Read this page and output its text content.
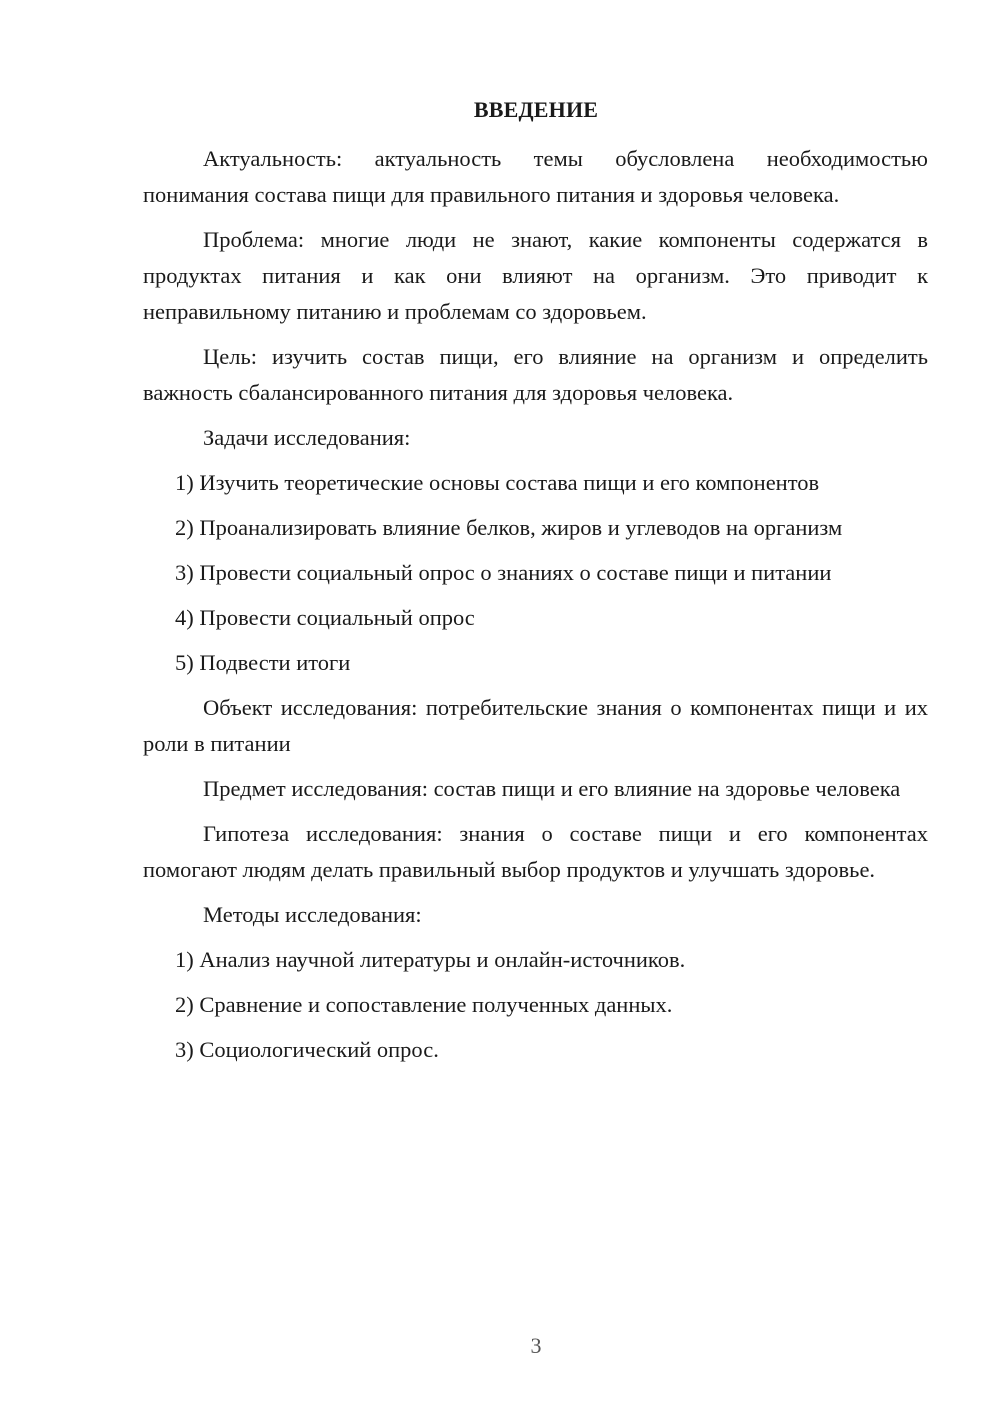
ВВЕДЕНИЕ

Актуальность: актуальность темы обусловлена необходимостью понимания состава пищи для правильного питания и здоровья человека.

Проблема: многие люди не знают, какие компоненты содержатся в продуктах питания и как они влияют на организм. Это приводит к неправильному питанию и проблемам со здоровьем.

Цель: изучить состав пищи, его влияние на организм и определить важность сбалансированного питания для здоровья человека.

Задачи исследования:

1) Изучить теоретические основы состава пищи и его компонентов

2) Проанализировать влияние белков, жиров и углеводов на организм

3) Провести социальный опрос о знаниях о составе пищи и питании

4) Провести социальный опрос

5) Подвести итоги

Объект исследования: потребительские знания о компонентах пищи и их роли в питании

Предмет исследования: состав пищи и его влияние на здоровье человека

Гипотеза исследования: знания о составе пищи и его компонентах помогают людям делать правильный выбор продуктов и улучшать здоровье.

Методы исследования:

1) Анализ научной литературы и онлайн-источников.

2) Сравнение и сопоставление полученных данных.

3) Социологический опрос.

3
